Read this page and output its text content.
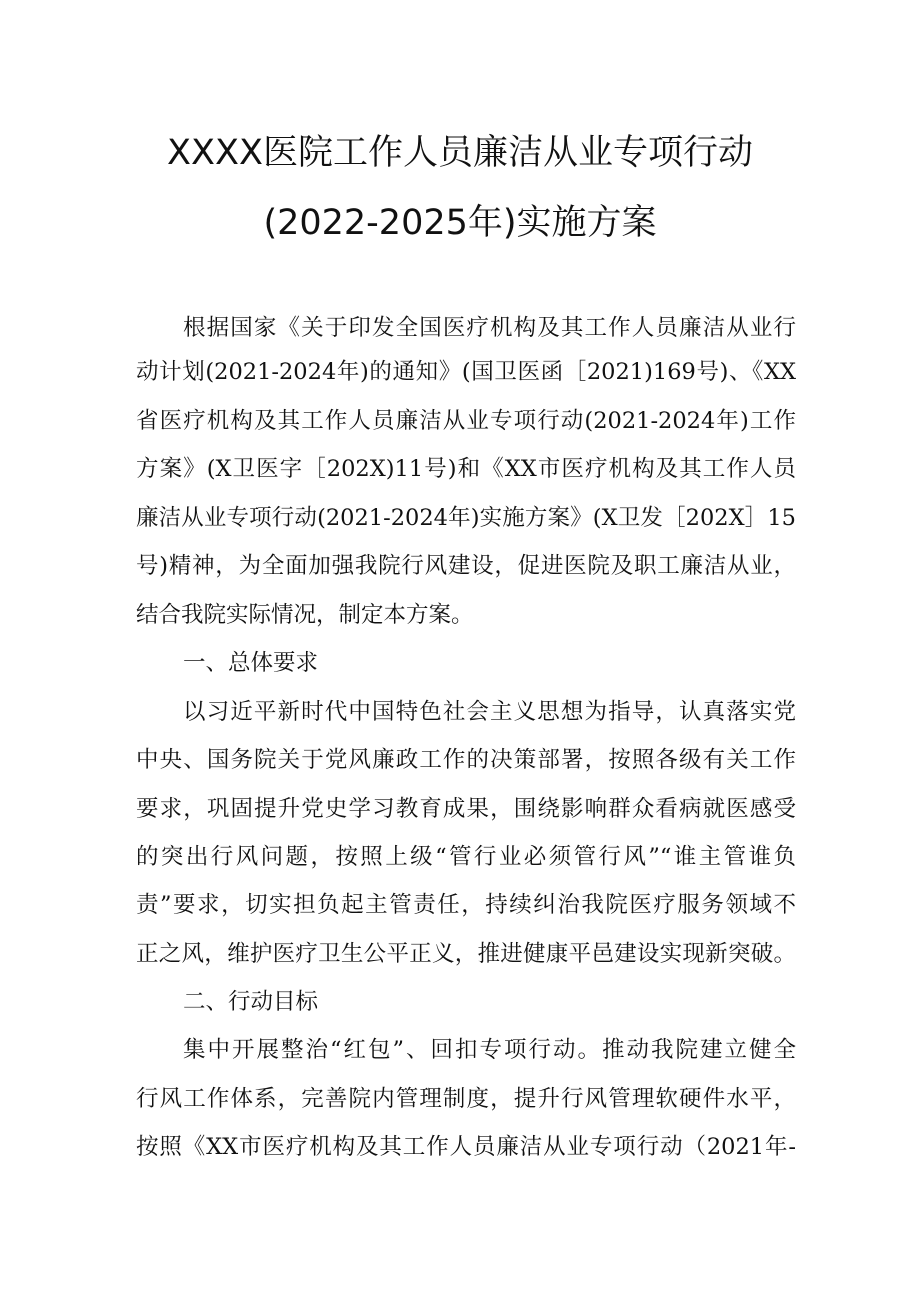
XXXX医院工作人员廉洁从业专项行动
(2022-2025年)实施方案
根据国家《关于印发全国医疗机构及其工作人员廉洁从业行
动计划(2021-2024年)的通知》(国卫医函［2021)169号)、《XX
省医疗机构及其工作人员廉洁从业专项行动(2021-2024年)工作
方案》(X卫医字［202X)11号)和《XX市医疗机构及其工作人员
廉洁从业专项行动(2021-2024年)实施方案》(X卫发［202X］15
号)精神，为全面加强我院行风建设，促进医院及职工廉洁从业，
结合我院实际情况，制定本方案。
一、总体要求
以习近平新时代中国特色社会主义思想为指导，认真落实党
中央、国务院关于党风廉政工作的决策部署，按照各级有关工作
要求，巩固提升党史学习教育成果，围绕影响群众看病就医感受
的突出行风问题，按照上级“管行业必须管行风”“谁主管谁负
责”要求，切实担负起主管责任，持续纠治我院医疗服务领域不
正之风，维护医疗卫生公平正义，推进健康平邑建设实现新突破。
二、行动目标
集中开展整治“红包”、回扣专项行动。推动我院建立健全
行风工作体系，完善院内管理制度，提升行风管理软硬件水平，
按照《XX市医疗机构及其工作人员廉洁从业专项行动（2021年-
